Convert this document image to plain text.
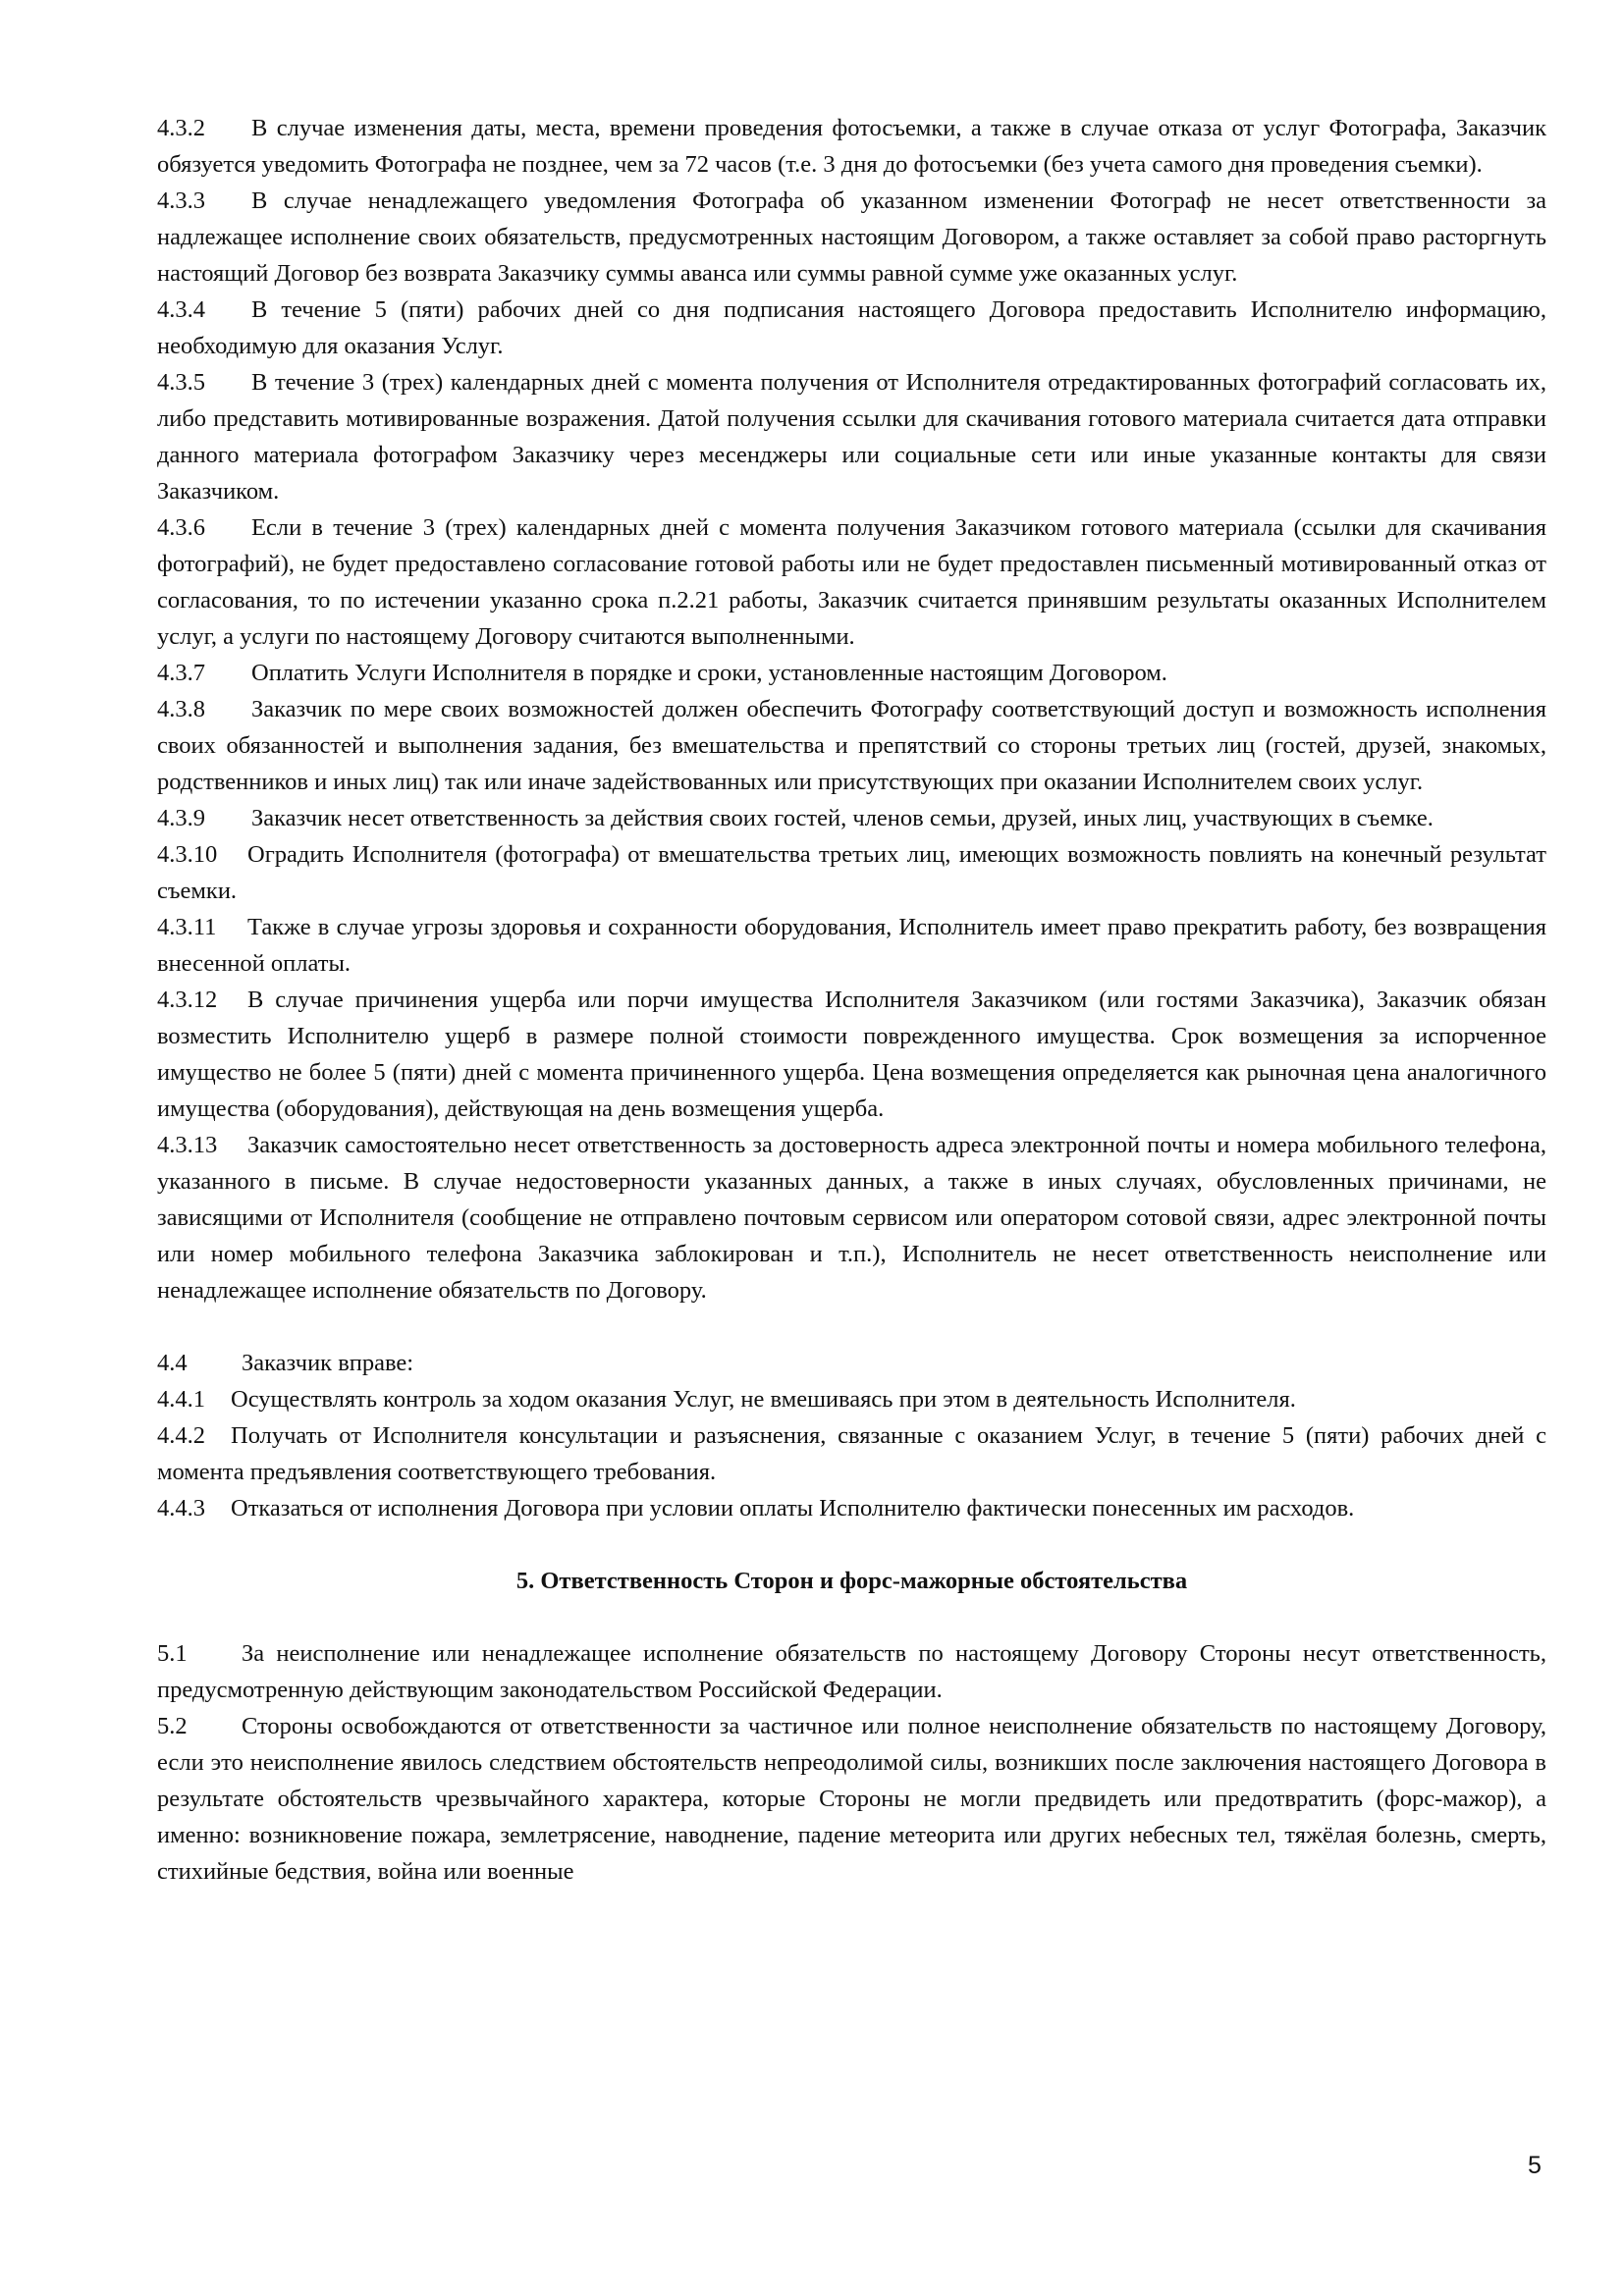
4.3.2 В случае изменения даты, места, времени проведения фотосъемки, а также в случае отказа от услуг Фотографа, Заказчик обязуется уведомить Фотографа не позднее, чем за 72 часов (т.е. 3 дня до фотосъемки (без учета самого дня проведения съемки).

4.3.3 В случае ненадлежащего уведомления Фотографа об указанном изменении Фотограф не несет ответственности за надлежащее исполнение своих обязательств, предусмотренных настоящим Договором, а также оставляет за собой право расторгнуть настоящий Договор без возврата Заказчику суммы аванса или суммы равной сумме уже оказанных услуг.

4.3.4 В течение 5 (пяти) рабочих дней со дня подписания настоящего Договора предоставить Исполнителю информацию, необходимую для оказания Услуг.

4.3.5 В течение 3 (трех) календарных дней с момента получения от Исполнителя отредактированных фотографий согласовать их, либо представить мотивированные возражения. Датой получения ссылки для скачивания готового материала считается дата отправки данного материала фотографом Заказчику через месенджеры или социальные сети или иные указанные контакты для связи Заказчиком.

4.3.6 Если в течение 3 (трех) календарных дней с момента получения Заказчиком готового материала (ссылки для скачивания фотографий), не будет предоставлено согласование готовой работы или не будет предоставлен письменный мотивированный отказ от согласования, то по истечении указанно срока п.2.21 работы, Заказчик считается принявшим результаты оказанных Исполнителем услуг, а услуги по настоящему Договору считаются выполненными.

4.3.7 Оплатить Услуги Исполнителя в порядке и сроки, установленные настоящим Договором.

4.3.8 Заказчик по мере своих возможностей должен обеспечить Фотографу соответствующий доступ и возможность исполнения своих обязанностей и выполнения задания, без вмешательства и препятствий со стороны третьих лиц (гостей, друзей, знакомых, родственников и иных лиц) так или иначе задействованных или присутствующих при оказании Исполнителем своих услуг.

4.3.9 Заказчик несет ответственность за действия своих гостей, членов семьи, друзей, иных лиц, участвующих в съемке.

4.3.10 Оградить Исполнителя (фотографа) от вмешательства третьих лиц, имеющих возможность повлиять на конечный результат съемки.

4.3.11 Также в случае угрозы здоровья и сохранности оборудования, Исполнитель имеет право прекратить работу, без возвращения внесенной оплаты.

4.3.12 В случае причинения ущерба или порчи имущества Исполнителя Заказчиком (или гостями Заказчика), Заказчик обязан возместить Исполнителю ущерб в размере полной стоимости поврежденного имущества. Срок возмещения за испорченное имущество не более 5 (пяти) дней с момента причиненного ущерба. Цена возмещения определяется как рыночная цена аналогичного имущества (оборудования), действующая на день возмещения ущерба.

4.3.13 Заказчик самостоятельно несет ответственность за достоверность адреса электронной почты и номера мобильного телефона, указанного в письме. В случае недостоверности указанных данных, а также в иных случаях, обусловленных причинами, не зависящими от Исполнителя (сообщение не отправлено почтовым сервисом или оператором сотовой связи, адрес электронной почты или номер мобильного телефона Заказчика заблокирован и т.п.), Исполнитель не несет ответственность неисполнение или ненадлежащее исполнение обязательств по Договору.

4.4 Заказчик вправе:

4.4.1 Осуществлять контроль за ходом оказания Услуг, не вмешиваясь при этом в деятельность Исполнителя.

4.4.2 Получать от Исполнителя консультации и разъяснения, связанные с оказанием Услуг, в течение 5 (пяти) рабочих дней с момента предъявления соответствующего требования.

4.4.3 Отказаться от исполнения Договора при условии оплаты Исполнителю фактически понесенных им расходов.

5. Ответственность Сторон и форс-мажорные обстоятельства

5.1 За неисполнение или ненадлежащее исполнение обязательств по настоящему Договору Стороны несут ответственность, предусмотренную действующим законодательством Российской Федерации.

5.2 Стороны освобождаются от ответственности за частичное или полное неисполнение обязательств по настоящему Договору, если это неисполнение явилось следствием обстоятельств непреодолимой силы, возникших после заключения настоящего Договора в результате обстоятельств чрезвычайного характера, которые Стороны не могли предвидеть или предотвратить (форс-мажор), а именно: возникновение пожара, землетрясение, наводнение, падение метеорита или других небесных тел, тяжёлая болезнь, смерть, стихийные бедствия, война или военные

5
